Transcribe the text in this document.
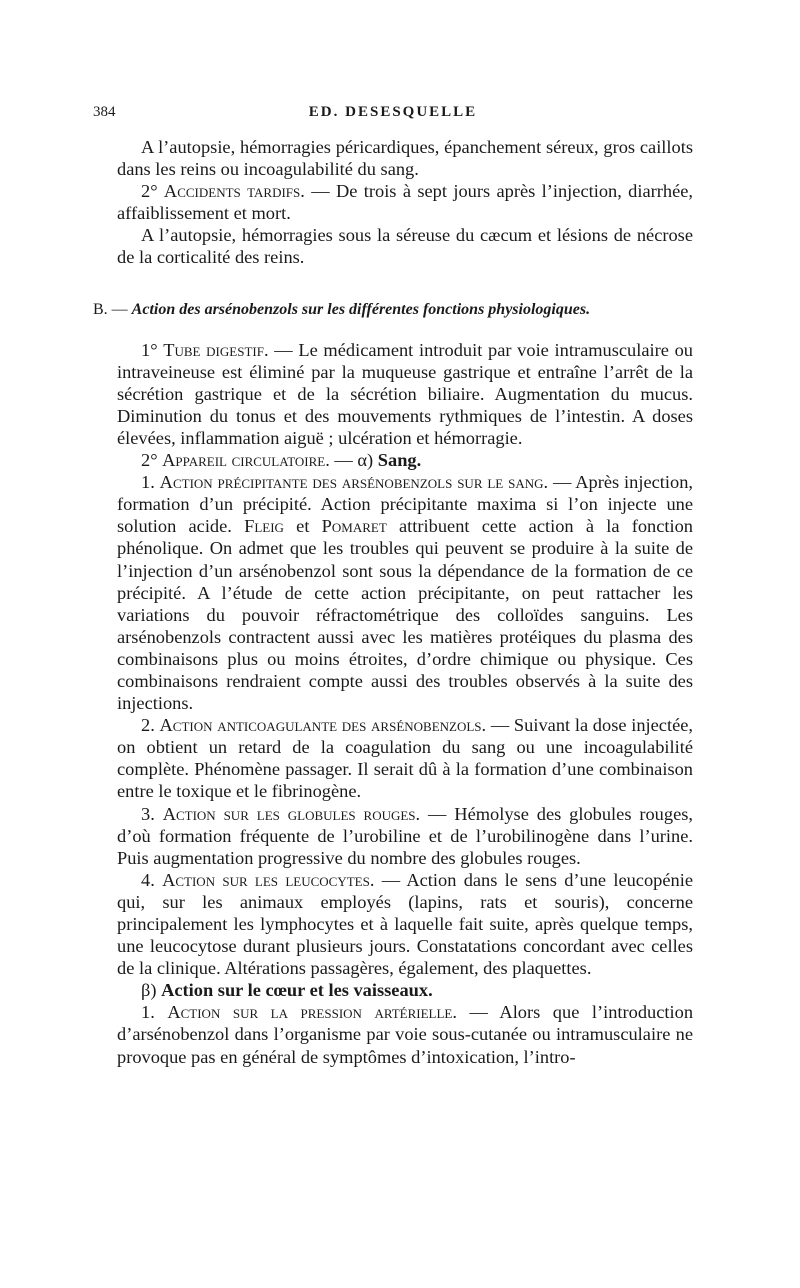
384	ED. DESESQUELLE

A l’autopsie, hémorragies péricardiques, épanchement séreux, gros caillots dans les reins ou incoagulabilité du sang.

2° Accidents tardifs. — De trois à sept jours après l’injection, diarrhée, affaiblissement et mort.

A l’autopsie, hémorragies sous la séreuse du cæcum et lésions de nécrose de la corticalité des reins.

B. — Action des arsénobenzols sur les différentes fonctions physiologiques.

1° Tube digestif. — Le médicament introduit par voie intramusculaire ou intraveineuse est éliminé par la muqueuse gastrique et entraîne l’arrêt de la sécrétion gastrique et de la sécrétion biliaire. Augmentation du mucus. Diminution du tonus et des mouvements rythmiques de l’intestin. A doses élevées, inflammation aiguë ; ulcération et hémorragie.

2° Appareil circulatoire. — α) Sang.

1. Action précipitante des arsénobenzols sur le sang. — Après injection, formation d’un précipité. Action précipitante maxima si l’on injecte une solution acide. Fleig et Pomaret attribuent cette action à la fonction phénolique. On admet que les troubles qui peuvent se produire à la suite de l’injection d’un arsénobenzol sont sous la dépendance de la formation de ce précipité. A l’étude de cette action précipitante, on peut rattacher les variations du pouvoir réfractométrique des colloïdes sanguins. Les arsénobenzols contractent aussi avec les matières protéiques du plasma des combinaisons plus ou moins étroites, d’ordre chimique ou physique. Ces combinaisons rendraient compte aussi des troubles observés à la suite des injections.

2. Action anticoagulante des arsénobenzols. — Suivant la dose injectée, on obtient un retard de la coagulation du sang ou une incoagulabilité complète. Phénomène passager. Il serait dû à la formation d’une combinaison entre le toxique et le fibrinogène.

3. Action sur les globules rouges. — Hémolyse des globules rouges, d’où formation fréquente de l’urobiline et de l’urobilinogène dans l’urine. Puis augmentation progressive du nombre des globules rouges.

4. Action sur les leucocytes. — Action dans le sens d’une leucopénie qui, sur les animaux employés (lapins, rats et souris), concerne principalement les lymphocytes et à laquelle fait suite, après quelque temps, une leucocytose durant plusieurs jours. Constatations concordant avec celles de la clinique. Altérations passagères, également, des plaquettes.

β) Action sur le cœur et les vaisseaux.

1. Action sur la pression artérielle. — Alors que l’introduction d’arsénobenzol dans l’organisme par voie sous-cutanée ou intramusculaire ne provoque pas en général de symptômes d’intoxication, l’intro-
